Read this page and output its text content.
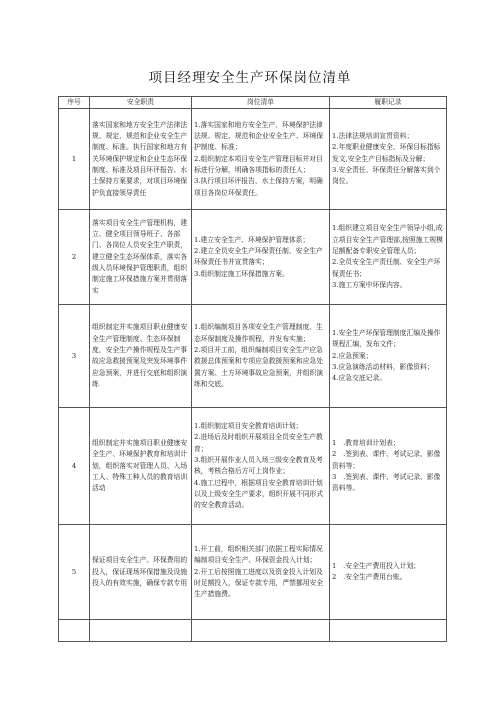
项目经理安全生产环保岗位清单
序号	安全职责	岗位清单	履职记录
1	落实国家和地方安全生产法律法规、规定、规范和企业安全生产制度、标准。执行国家和地方有关环境保护规定和企业生态环保制度、标准及项目环评报告、水土保持方案要求，对项目环境保护负直接领导责任	1.落实国家和地方安全生产、环境保护法律法规、规定、规范和企业安全生产、环境保护制度、标准；
2.组织制定本项目安全生产管理目标并对目标进行分解，明确各项指标的责任人；
3.执行项目环评报告、水土保持方案，明确项目各岗位环保责任。	1.法律法规培训宣贯资料；
2.年度职业健康安全、环保目标指标发文,安全生产目标指标及分解；
3.安全责任、环保责任分解落实到个岗位。

2	落实项目安全生产管理机构，建立、健全项目领导班子、各部门、各岗位人员安全生产职责，建立健全生态环保体系，落实各级人员环境保护管理职责，组织制定施工环保措施方案并贯彻落实	1.建立安全生产、环境保护管理体系；
2.建立全员安全生产环保责任制、安全生产环保责任书并宣贯落实；
3.组织制定施工环保措施方案。	1.组织建立项目安全生产领导小组,成立项目安全生产管理部,按照施工规模足额配备专职安全管理人员；
2.全员安全生产责任制、安全生产环保责任书；
3.施工方案中环保内容。

3	组织制定并实施项目职业健康安全生产管理制度、生态环保制度，安全生产操作规程及生产事故应急救援预案及突发环境事件应急预案，并进行交底和组织演练	1.组织编制项目各项安全生产管理制度、生态环保制度及操作规程，并发布实施；
2.项目开工前，组织编制项目安全生产应急救援总体预案和专项应急救援预案和应急处置方案、土方环境事故应急预案，并组织演练和交底。	1.安全生产环保管理制度汇编及操作规程汇编，发布文件；
2.应急预案；
3.应急演练活动材料，影像资料；
4.应急交底记录。

4	组织制定并实施项目职业健康安全生产、环境保护教育和培训计划，组织落实对管理人员、入场工人、特殊工种人员的教育培训活动	1.组织制定项目安全教育培训计划；
2.进场后及时组织开展项目全员安全生产教育；
3.组织开展作业人员入场三级安全教育及考核，考核合格后方可上岗作业；
4.施工过程中，根据项目安全教育培训计划以及上级安全生产要求，组织开展不同形式的安全教育活动。	1　.教育培训计划表；
2　.签到表、课件、考试记录、影像资料等；
3　.签到表、课件、考试记录、影像资料等。

5	保证项目安全生产、环保费用的投入，保证现场环保措施及设施投入的有效实施，确保专款专用	1.开工前，组织相关部门依据工程实际情况编制项目安全生产、环保资金投入计划；
2.开工后按照施工进度以及资金投入计划及时足额投入，保证专款专用，严禁挪用安全生产措施费。	1　.安全生产费用投入计划；
2　.安全生产费用台账。
